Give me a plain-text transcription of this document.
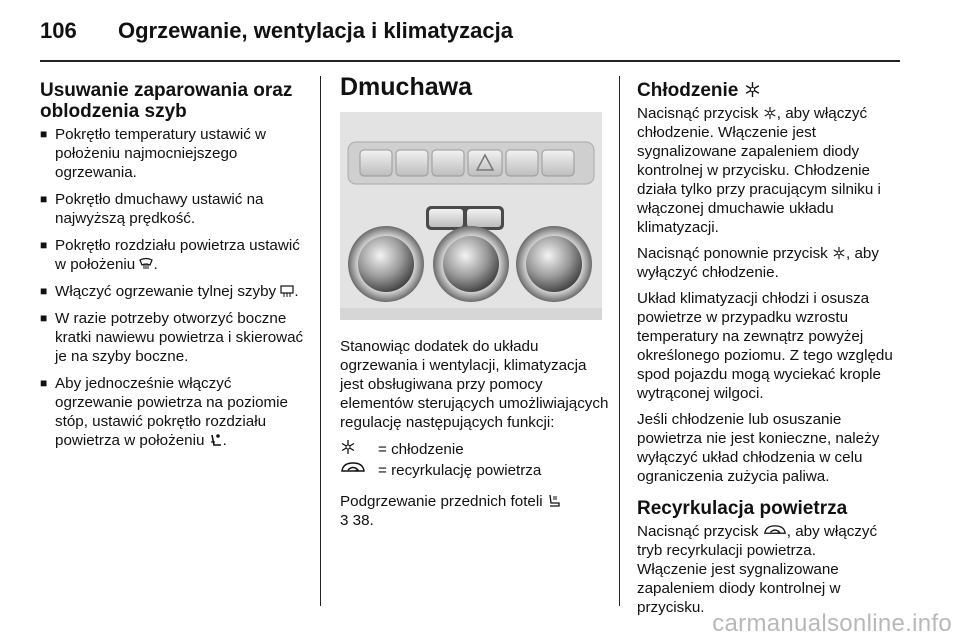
106 Ogrzewanie, wentylacja i klimatyzacja
Usuwanie zaparowania oraz oblodzenia szyb
■ Pokrętło temperatury ustawić w położeniu najmocniejszego ogrzewania.
■ Pokrętło dmuchawy ustawić na najwyższą prędkość.
■ Pokrętło rozdziału powietrza ustawić w położeniu .
■ Włączyć ogrzewanie tylnej szyby .
■ W razie potrzeby otworzyć boczne kratki nawiewu powietrza i skierować je na szyby boczne.
■ Aby jednocześnie włączyć ogrzewanie powietrza na poziomie stóp, ustawić pokrętło rozdziału powietrza w położeniu .
Dmuchawa

Stanowiąc dodatek do układu ogrzewania i wentylacji, klimatyzacja jest obsługiwana przy pomocy elementów sterujących umożliwiających regulację następujących funkcji:

= chłodzenie
= recyrkulację powietrza

Podgrzewanie przednich foteli

3 38.

Chłodzenie

Nacisnąć przycisk , aby włączyć chłodzenie. Włączenie jest sygnalizowane zapaleniem diody kontrolnej w przycisku. Chłodzenie działa tylko przy pracującym silniku i włączonej dmuchawie układu klimatyzacji.

Nacisnąć ponownie przycisk , aby wyłączyć chłodzenie.

Układ klimatyzacji chłodzi i osusza powietrze w przypadku wzrostu temperatury na zewnątrz powyżej określonego poziomu. Z tego względu spod pojazdu mogą wyciekać krople wytrąconej wilgoci.

Jeśli chłodzenie lub osuszanie powietrza nie jest konieczne, należy wyłączyć układ chłodzenia w celu ograniczenia zużycia paliwa.

Recyrkulacja powietrza

Nacisnąć przycisk , aby włączyć tryb recyrkulacji powietrza.

Włączenie jest sygnalizowane zapaleniem diody kontrolnej w przycisku.

carmanualsonline.info
